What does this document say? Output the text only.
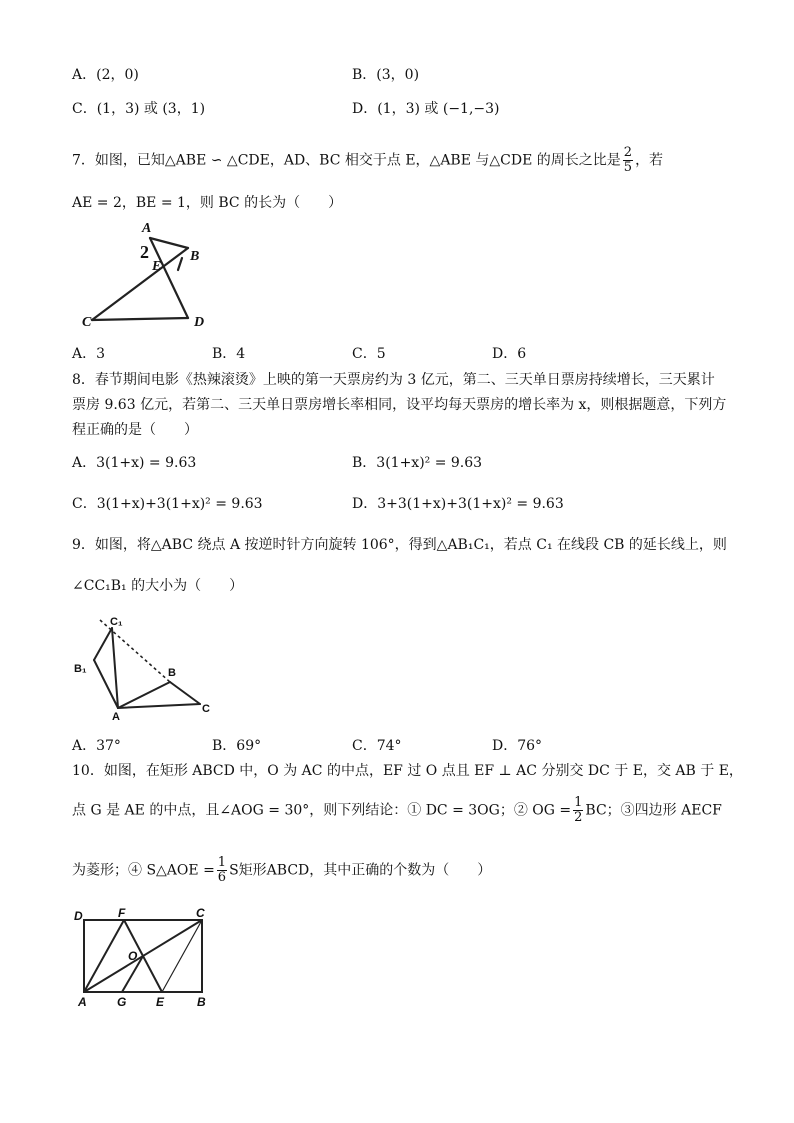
A．(2，0)	B．(3，0)
C．(1，3) 或 (3，1)	D．(1，3) 或 (−1,−3)
7．如图，已知△ABE ∽ △CDE，AD、BC 相交于点 E，△ABE 与△CDE 的周长之比是 $\frac{2}{5}$ ，若
AE = 2，BE = 1，则 BC 的长为（　　）
A
2
E
B
C	D
A．3	B．4	C．5	D．6
8．春节期间电影《热辣滚烫》上映的第一天票房约为 3 亿元，第二、三天单日票房持续增长，三天累计
票房 9.63 亿元，若第二、三天单日票房增长率相同，设平均每天票房的增长率为 x，则根据题意，下列方
程正确的是（　　）
A．3(1+x) = 9.63	B．3(1+x)² = 9.63
C．3(1+x)+3(1+x)² = 9.63	D．3+3(1+x)+3(1+x)² = 9.63
9．如图，将△ABC 绕点 A 按逆时针方向旋转 106°，得到△AB₁C₁，若点 C₁ 在线段 CB 的延长线上，则
∠CC₁B₁ 的大小为（　　）
C₁
B₁	B
A
C
A．37°	B．69°	C．74°	D．76°
10．如图，在矩形 ABCD 中，O 为 AC 的中点，EF 过 O 点且 EF ⊥ AC 分别交 DC 于 E，交 AB 于 E，
点 G 是 AE 的中点，且∠AOG = 30°，则下列结论：① DC = 3OG；② OG = $\frac{1}{2}$ BC；③四边形 AECF
为菱形；④ S△AOE = $\frac{1}{6}$ S矩形ABCD，其中正确的个数为（　　）
D	F	C
O
A	G E	B
